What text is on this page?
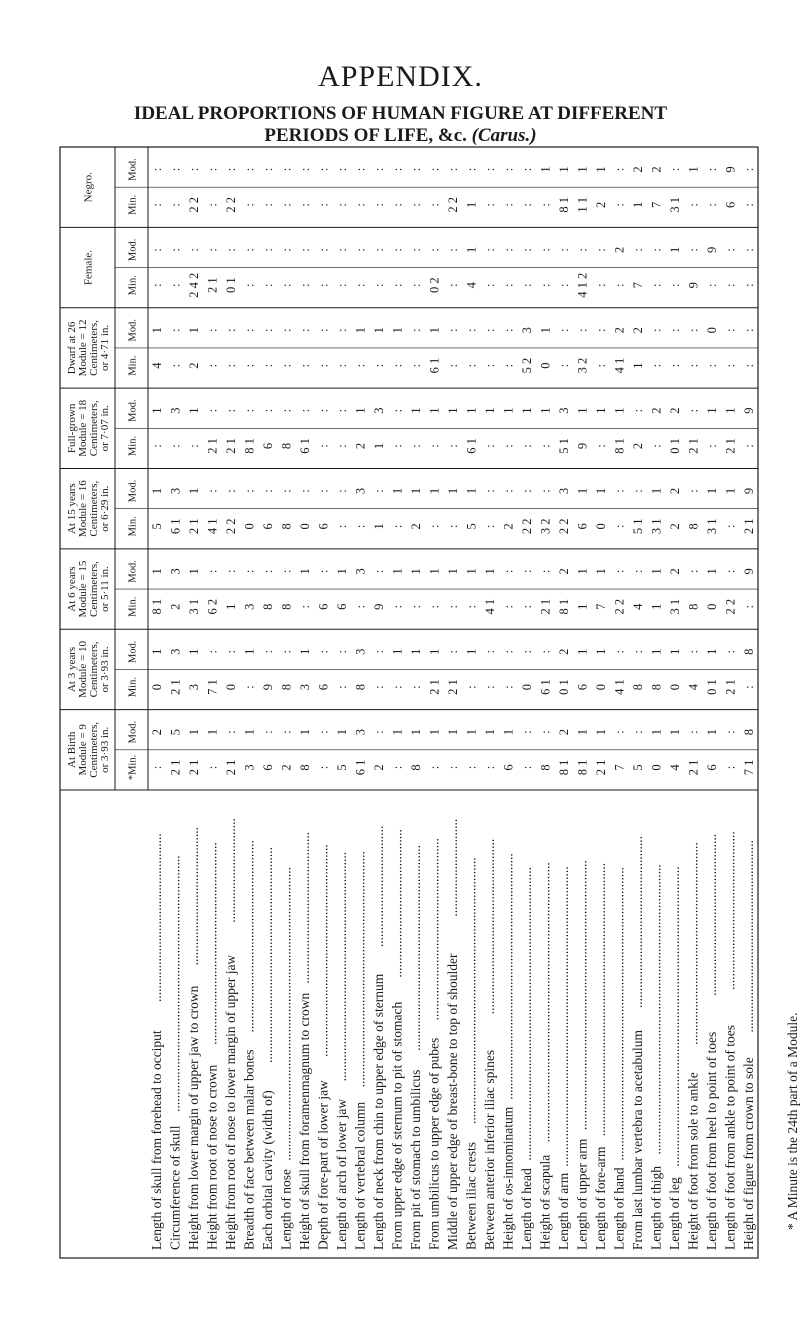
APPENDIX.
IDEAL PROPORTIONS OF HUMAN FIGURE AT DIFFERENT
PERIODS OF LIFE, &c. (Carus.)
Negro.
Mod.
Min.
:
:
:
:
:
2 2
:
:
:
2 2
:
:
:
:
:
:
:
:
:
:
:
:
:
:
:
:
:
:
:
:
:
:
:
2 2
:
1
:
:
:
:
:
:
1
:
1
8 1
1
1 1
1
2
:
:
2
1
2
7
:
3 1
1
:
:
:
9
6
:
:
Female.
Mod.
Min.
:
:
:
:
:
2 4 2
:
2 1
:
0 1
:
:
:
:
:
:
:
:
:
:
:
:
:
:
:
:
:
:
:
:
:
0 2
:
:
1
4
:
:
:
:
:
:
:
:
:
:
:
4 1 2
:
:
2
:
:
7
:
:
1
:
:
9
9
:
:
:
:
:
Dwarf at 26 Module = 12 Centimeters, or 4·71 in. Mod.
Min.
1
4
:
:
1
2
:
:
:
:
:
:
:
:
:
:
:
:
:
:
:
:
1
:
1
:
1
:
:
:
1
6 1
:
:
:
:
:
:
:
:
3
5 2
1
0
:
:
:
3 2
:
:
2
4 1
2
1
:
:
:
:
:
:
0
:
:
:
:
:
Full-grown Module = 18 Centimeters, or 7·07 in. Mod.
Min.
1
:
3
:
1
:
:
2 1
:
2 1
:
8 1
:
6
:
8
:
6 1
:
:
:
:
1
2
3
1
:
:
1
:
1
:
1
:
1
6 1
1
:
1
:
1
:
1
:
3
5 1
1
9
1
:
1
8 1
:
2
2
:
2
0 1
:
2 1
1
:
1
2 1
9
:
At 15 years Module = 16 Centimeters, or 6·29 in. Mod.
Min.
1
5
3
6 1
1
2 1
:
4 1
:
2 2
:
0
:
6
:
8
:
0
:
6
:
:
3
:
:
1
1
:
1
2
1
:
1
:
1
5
:
:
:
2
:
2 2
:
3 2
3
2 2
1
6
1
0
:
:
:
5 1
1
3 1
2
2
:
8
1
3 1
1
:
9
2 1
At 6 years Module = 15 Centimeters, or 5·11 in. Mod.
Min.
1
8 1
3
2
1
3 1
:
6 2
:
1
:
3
:
8
:
8
1
:
:
6
1
6
3
:
:
9
1
:
1
:
1
:
1
:
1
:
1
4 1
:
:
:
:
:
2 1
2
8 1
1
1
1
7
:
2 2
:
4
1
1
2
3 1
:
8
1
0
:
2 2
9
:
At 3 years Module = 10 Centimeters, or 3·93 in. Mod.
Min.
1
0
3
2 1
1
3
:
7 1
:
0
1
:
:
9
:
8
1
3
:
6
:
:
3
8
:
:
1
:
1
:
1
2 1
:
2 1
1
:
:
:
:
:
:
0
:
6 1
2
0 1
1
6
1
0
:
4 1
:
8
1
8
1
0
:
4
1
0 1
:
2 1
8
:
At Birth Module = 9 Centimeters, or 3·93 in. Mod.
*Min.
2
:
5
2 1
1
2 1
1
:
:
2 1
1
3
:
6
:
2
1
8
:
:
1
5
3
6 1
:
2
1
:
1
8
1
:
1
:
1
:
1
:
1
6
:
:
:
8
2
8 1
1
8 1
1
2 1
:
7
:
5
1
0
1
4
:
2 1
1
6
:
:
8
7 1
Length of skull from forehead to occiput
..................................................
Circumference of skull
............................................................................
Height from lower margin of upper jaw to crown
.........................................
Height from root of nose to crown
............................................................
Height from root of nose to lower margin of upper jaw
...............................
Breadth of face between malar bones
.........................................................
Each orbital cavity (width of)
................................................................
Length of nose
....................................................................................... Height of skull from foramenmagnum to crown
.............................................
Depth of fore-part of lower jaw
...............................................................
Length of arch of lower jaw
....................................................................
Length of vertebral column
......................................................................
Length of neck from chin to upper edge of sternum
....................................
From upper edge of sternum to pit of stomach
............................................
From pit of stomach to umbilicus
.............................................................
From umbilicus to upper edge of pubes
......................................................
Middle of upper edge of breast-bone to top of shoulder
.............................
Between iliac crests
...............................................................................
Between anterior inferior iliac spines
....................................................
Height of os-innominatum
.........................................................................
Length of head
.......................................................................................
Height of scapula
...................................................................................
Length of arm
.........................................................................................
Length of upper arm
................................................................................
Length of fore-arm
.................................................................................
Length of hand
....................................................................................... From last lumbar vertebra to acetabulum
...................................................
Length of thigh
......................................................................................
Length of leg
......................................................................................... Height of foot from sole to ankle
............................................................
Length of foot from heel to point of toes
................................................
Length of foot from ankle to point of toes
...............................................
Height of figure from crown to sole
.........................................................
* A Minute is the 24th part of a Module.
